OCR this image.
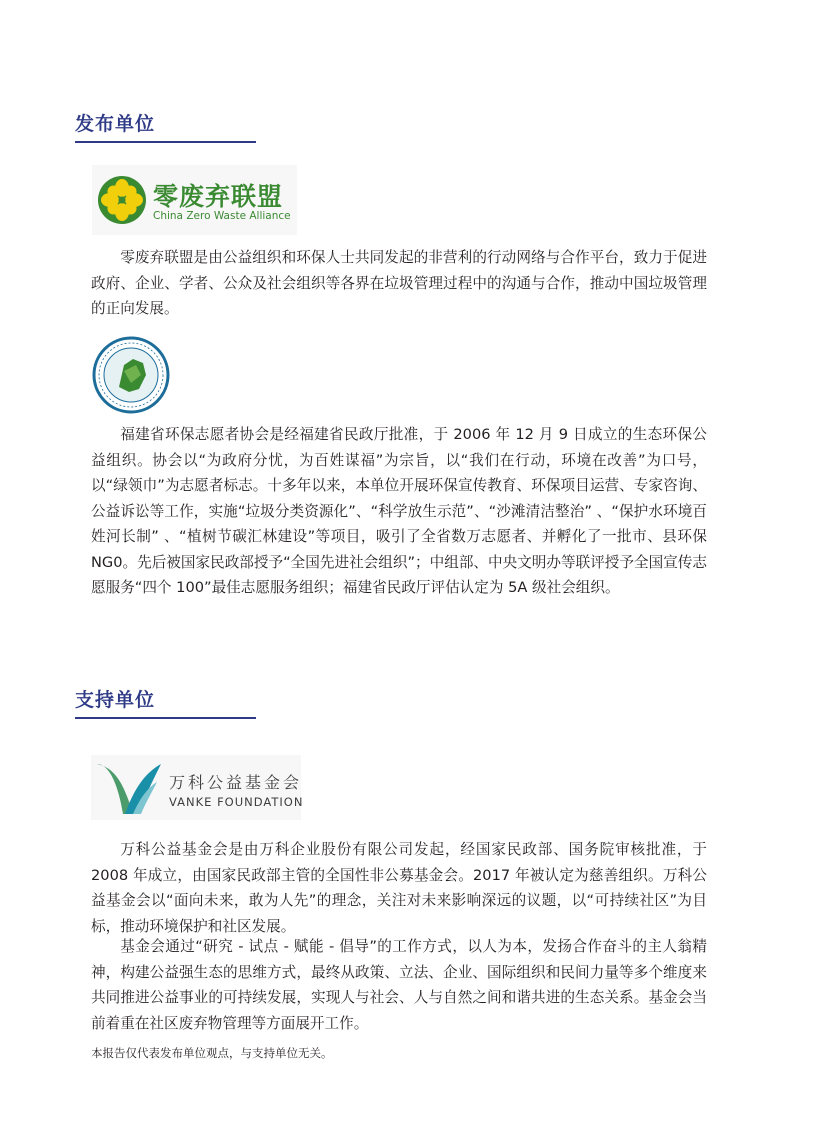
发布单位

零废弃联盟

China Zero Waste Alliance

零废弃联盟是由公益组织和环保人士共同发起的非营利的行动网络与合作平台，致力于促进政府、企业、学者、公众及社会组织等各界在垃圾管理过程中的沟通与合作，推动中国垃圾管理的正向发展。

福建省环保志愿者协会是经福建省民政厅批准，于 2006 年 12 月 9 日成立的生态环保公益组织。协会以“为政府分忧，为百姓谋福”为宗旨，以“我们在行动，环境在改善”为口号，以“绿领巾”为志愿者标志。十多年以来，本单位开展环保宣传教育、环保项目运营、专家咨询、公益诉讼等工作，实施“垃圾分类资源化”、“科学放生示范”、“沙滩清洁整治” 、“保护水环境百姓河长制” 、“植树节碳汇林建设”等项目，吸引了全省数万志愿者、并孵化了一批市、县环保 NG0。先后被国家民政部授予“全国先进社会组织”；中组部、中央文明办等联评授予全国宣传志愿服务“四个 100”最佳志愿服务组织；福建省民政厅评估认定为 5A 级社会组织。

支持单位

万科公益基金会

VANKE FOUNDATION

万科公益基金会是由万科企业股份有限公司发起，经国家民政部、国务院审核批准，于 2008 年成立，由国家民政部主管的全国性非公募基金会。2017 年被认定为慈善组织。万科公益基金会以“面向未来，敢为人先”的理念，关注对未来影响深远的议题，以“可持续社区”为目标，推动环境保护和社区发展。

基金会通过“研究 - 试点 - 赋能 - 倡导”的工作方式，以人为本，发扬合作奋斗的主人翁精神，构建公益强生态的思维方式，最终从政策、立法、企业、国际组织和民间力量等多个维度来共同推进公益事业的可持续发展，实现人与社会、人与自然之间和谐共进的生态关系。基金会当前着重在社区废弃物管理等方面展开工作。

本报告仅代表发布单位观点，与支持单位无关。
